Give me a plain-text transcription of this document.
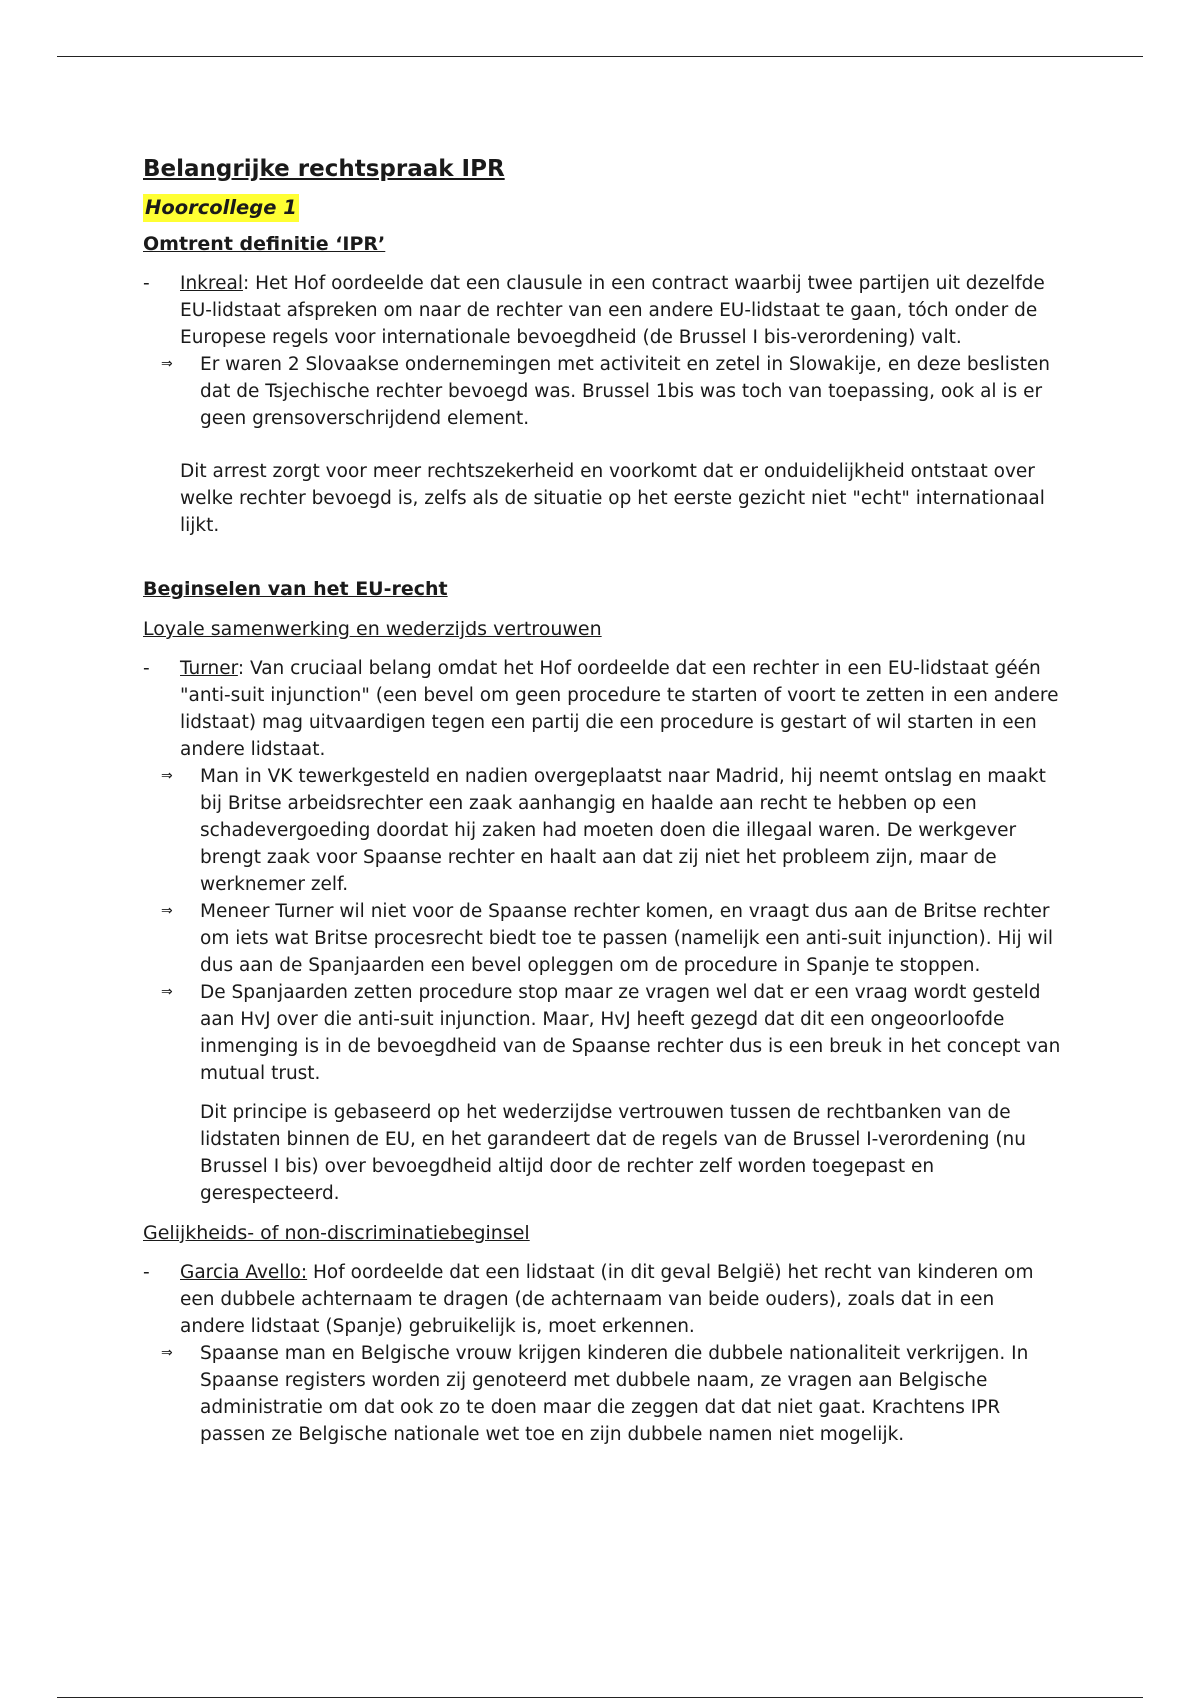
Belangrijke rechtspraak IPR
Hoorcollege 1
Omtrent definitie ‘IPR’

- Inkreal: Het Hof oordeelde dat een clausule in een contract waarbij twee partijen uit dezelfde EU-lidstaat afspreken om naar de rechter van een andere EU-lidstaat te gaan, tóch onder de Europese regels voor internationale bevoegdheid (de Brussel I bis-verordening) valt.

⇒ Er waren 2 Slovaakse ondernemingen met activiteit en zetel in Slowakije, en deze beslisten dat de Tsjechische rechter bevoegd was. Brussel 1bis was toch van toepassing, ook al is er geen grensoverschrijdend element.

Dit arrest zorgt voor meer rechtszekerheid en voorkomt dat er onduidelijkheid ontstaat over welke rechter bevoegd is, zelfs als de situatie op het eerste gezicht niet "echt" internationaal lijkt.

Beginselen van het EU-recht
Loyale samenwerking en wederzijds vertrouwen

- Turner: Van cruciaal belang omdat het Hof oordeelde dat een rechter in een EU-lidstaat géén "anti-suit injunction" (een bevel om geen procedure te starten of voort te zetten in een andere lidstaat) mag uitvaardigen tegen een partij die een procedure is gestart of wil starten in een andere lidstaat.

⇒ Man in VK tewerkgesteld en nadien overgeplaatst naar Madrid, hij neemt ontslag en maakt bij Britse arbeidsrechter een zaak aanhangig en haalde aan recht te hebben op een schadevergoeding doordat hij zaken had moeten doen die illegaal waren. De werkgever brengt zaak voor Spaanse rechter en haalt aan dat zij niet het probleem zijn, maar de werknemer zelf.

⇒ Meneer Turner wil niet voor de Spaanse rechter komen, en vraagt dus aan de Britse rechter om iets wat Britse procesrecht biedt toe te passen (namelijk een anti-suit injunction). Hij wil dus aan de Spanjaarden een bevel opleggen om de procedure in Spanje te stoppen.

⇒ De Spanjaarden zetten procedure stop maar ze vragen wel dat er een vraag wordt gesteld aan HvJ over die anti-suit injunction. Maar, HvJ heeft gezegd dat dit een ongeoorloofde inmenging is in de bevoegdheid van de Spaanse rechter dus is een breuk in het concept van mutual trust.

Dit principe is gebaseerd op het wederzijdse vertrouwen tussen de rechtbanken van de lidstaten binnen de EU, en het garandeert dat de regels van de Brussel I-verordening (nu Brussel I bis) over bevoegdheid altijd door de rechter zelf worden toegepast en gerespecteerd.

Gelijkheids- of non-discriminatiebeginsel

- Garcia Avello: Hof oordeelde dat een lidstaat (in dit geval België) het recht van kinderen om een dubbele achternaam te dragen (de achternaam van beide ouders), zoals dat in een andere lidstaat (Spanje) gebruikelijk is, moet erkennen.

⇒ Spaanse man en Belgische vrouw krijgen kinderen die dubbele nationaliteit verkrijgen. In Spaanse registers worden zij genoteerd met dubbele naam, ze vragen aan Belgische administratie om dat ook zo te doen maar die zeggen dat dat niet gaat. Krachtens IPR passen ze Belgische nationale wet toe en zijn dubbele namen niet mogelijk.
